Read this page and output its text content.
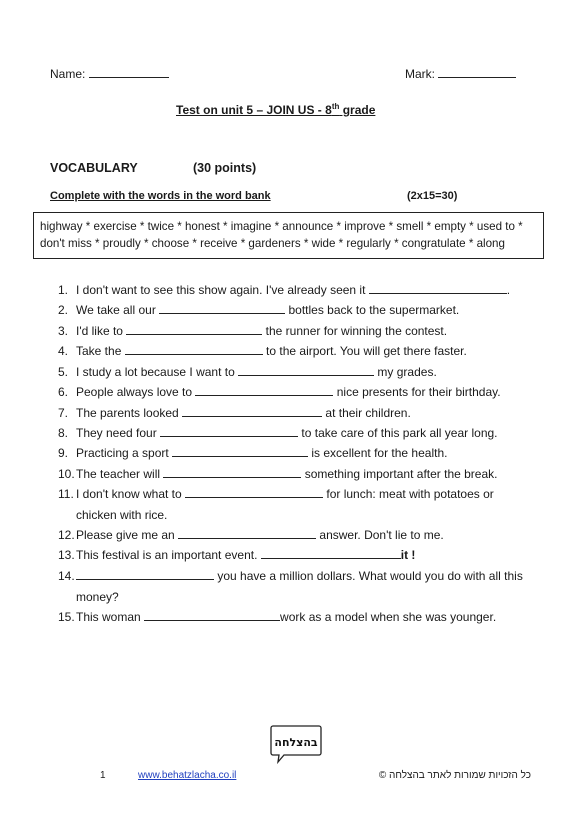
Name:	Mark:
Test on unit 5 – JOIN US - 8th grade
VOCABULARY	(30 points)
Complete with the words in the word bank	(2x15=30)
highway * exercise * twice * honest * imagine * announce * improve * smell * empty * used to *
don't miss * proudly * choose * receive * gardeners * wide * regularly * congratulate * along
1. I don't want to see this show again. I've already seen it	.
2. We take all our	bottles back to the supermarket.
3. I'd like to	the runner for winning the contest.
4. Take the	to the airport. You will get there faster.
5. I study a lot because I want to	my grades.
6. People always love to	nice presents for their birthday.
7. The parents looked	at their children.
8. They need four	to take care of this park all year long.
9. Practicing a sport	is excellent for the health.
10.The teacher will	something important after the break.
11. I don't know what to	for lunch: meat with potatoes or
chicken with rice.
12.Please give me an	answer. Don't lie to me.
13.This festival is an important event.	it !
14.	you have a million dollars. What would you do with all this
money?
15.This woman	work as a model when she was younger.
בהצלחה
1	www.behatzlacha.co.il	כל הזכויות שמורות לאתר בהצלחה ©
